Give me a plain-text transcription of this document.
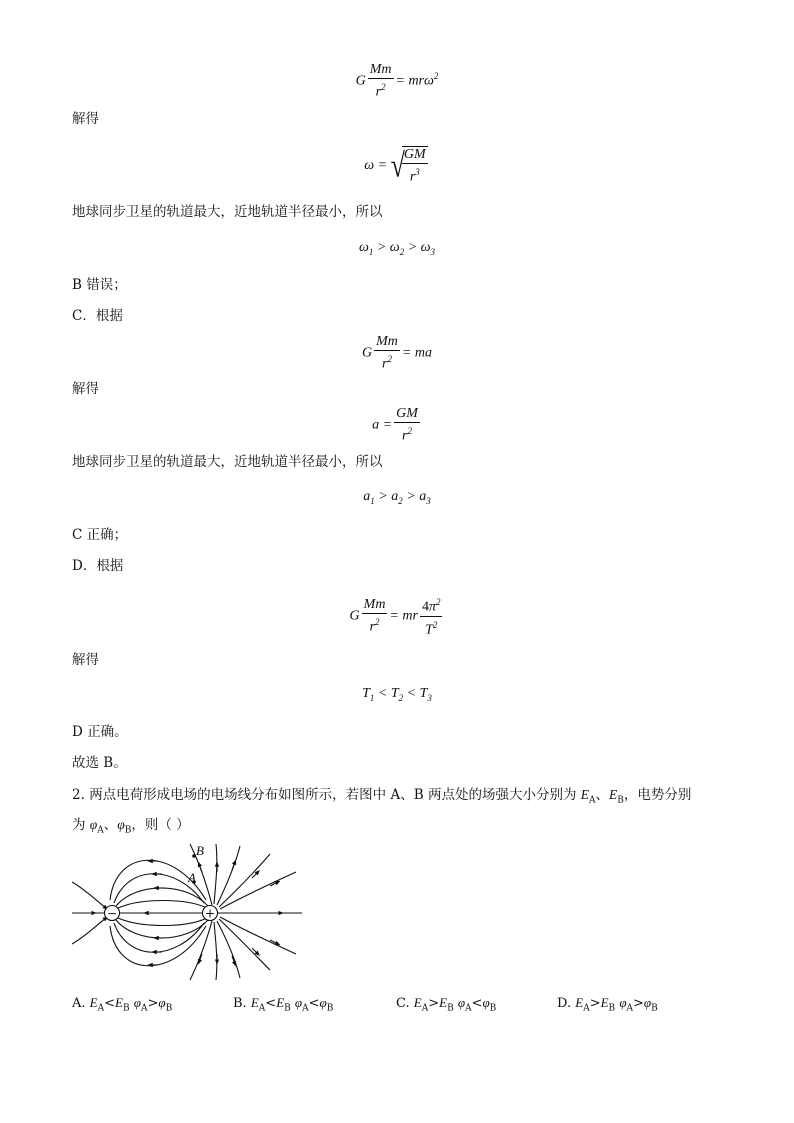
G $\frac{Mm}{r^2} = mr\omega^2$
解得
ω = √
$\frac{GM}{r^3}$
地球同步卫星的轨道最大，近地轨道半径最小，所以
$\omega_1 > \omega_2 > \omega_3$
B 错误；
C．根据
G $\frac{Mm}{r^2}$ = ma
解得
$a = \frac{GM}{r^2}$
地球同步卫星的轨道最大，近地轨道半径最小，所以
$a_1 > a_2 > a_3$
C 正确；
D．根据
G $\frac{Mm}{r^2}$ = mr $\frac{4\pi^2}{T^2}$
解得
$T_1 < T_2 < T_3$
D 正确。
故选 B。
2. 两点电荷形成电场的电场线分布如图所示，若图中 A、B 两点处的场强大小分别为 $E_A$、$E_B$，电势分别
为 $\varphi_A$、$\varphi_B$，则（ ）
−	+
A
B
A. $E_A<E_B$ $\varphi_A>\varphi_B$	B. $E_A<E_B$ $\varphi_A<\varphi_B$	C. $E_A>E_B$ $\varphi_A<\varphi_B$	D. $E_A>E_B$ $\varphi_A>\varphi_B$
